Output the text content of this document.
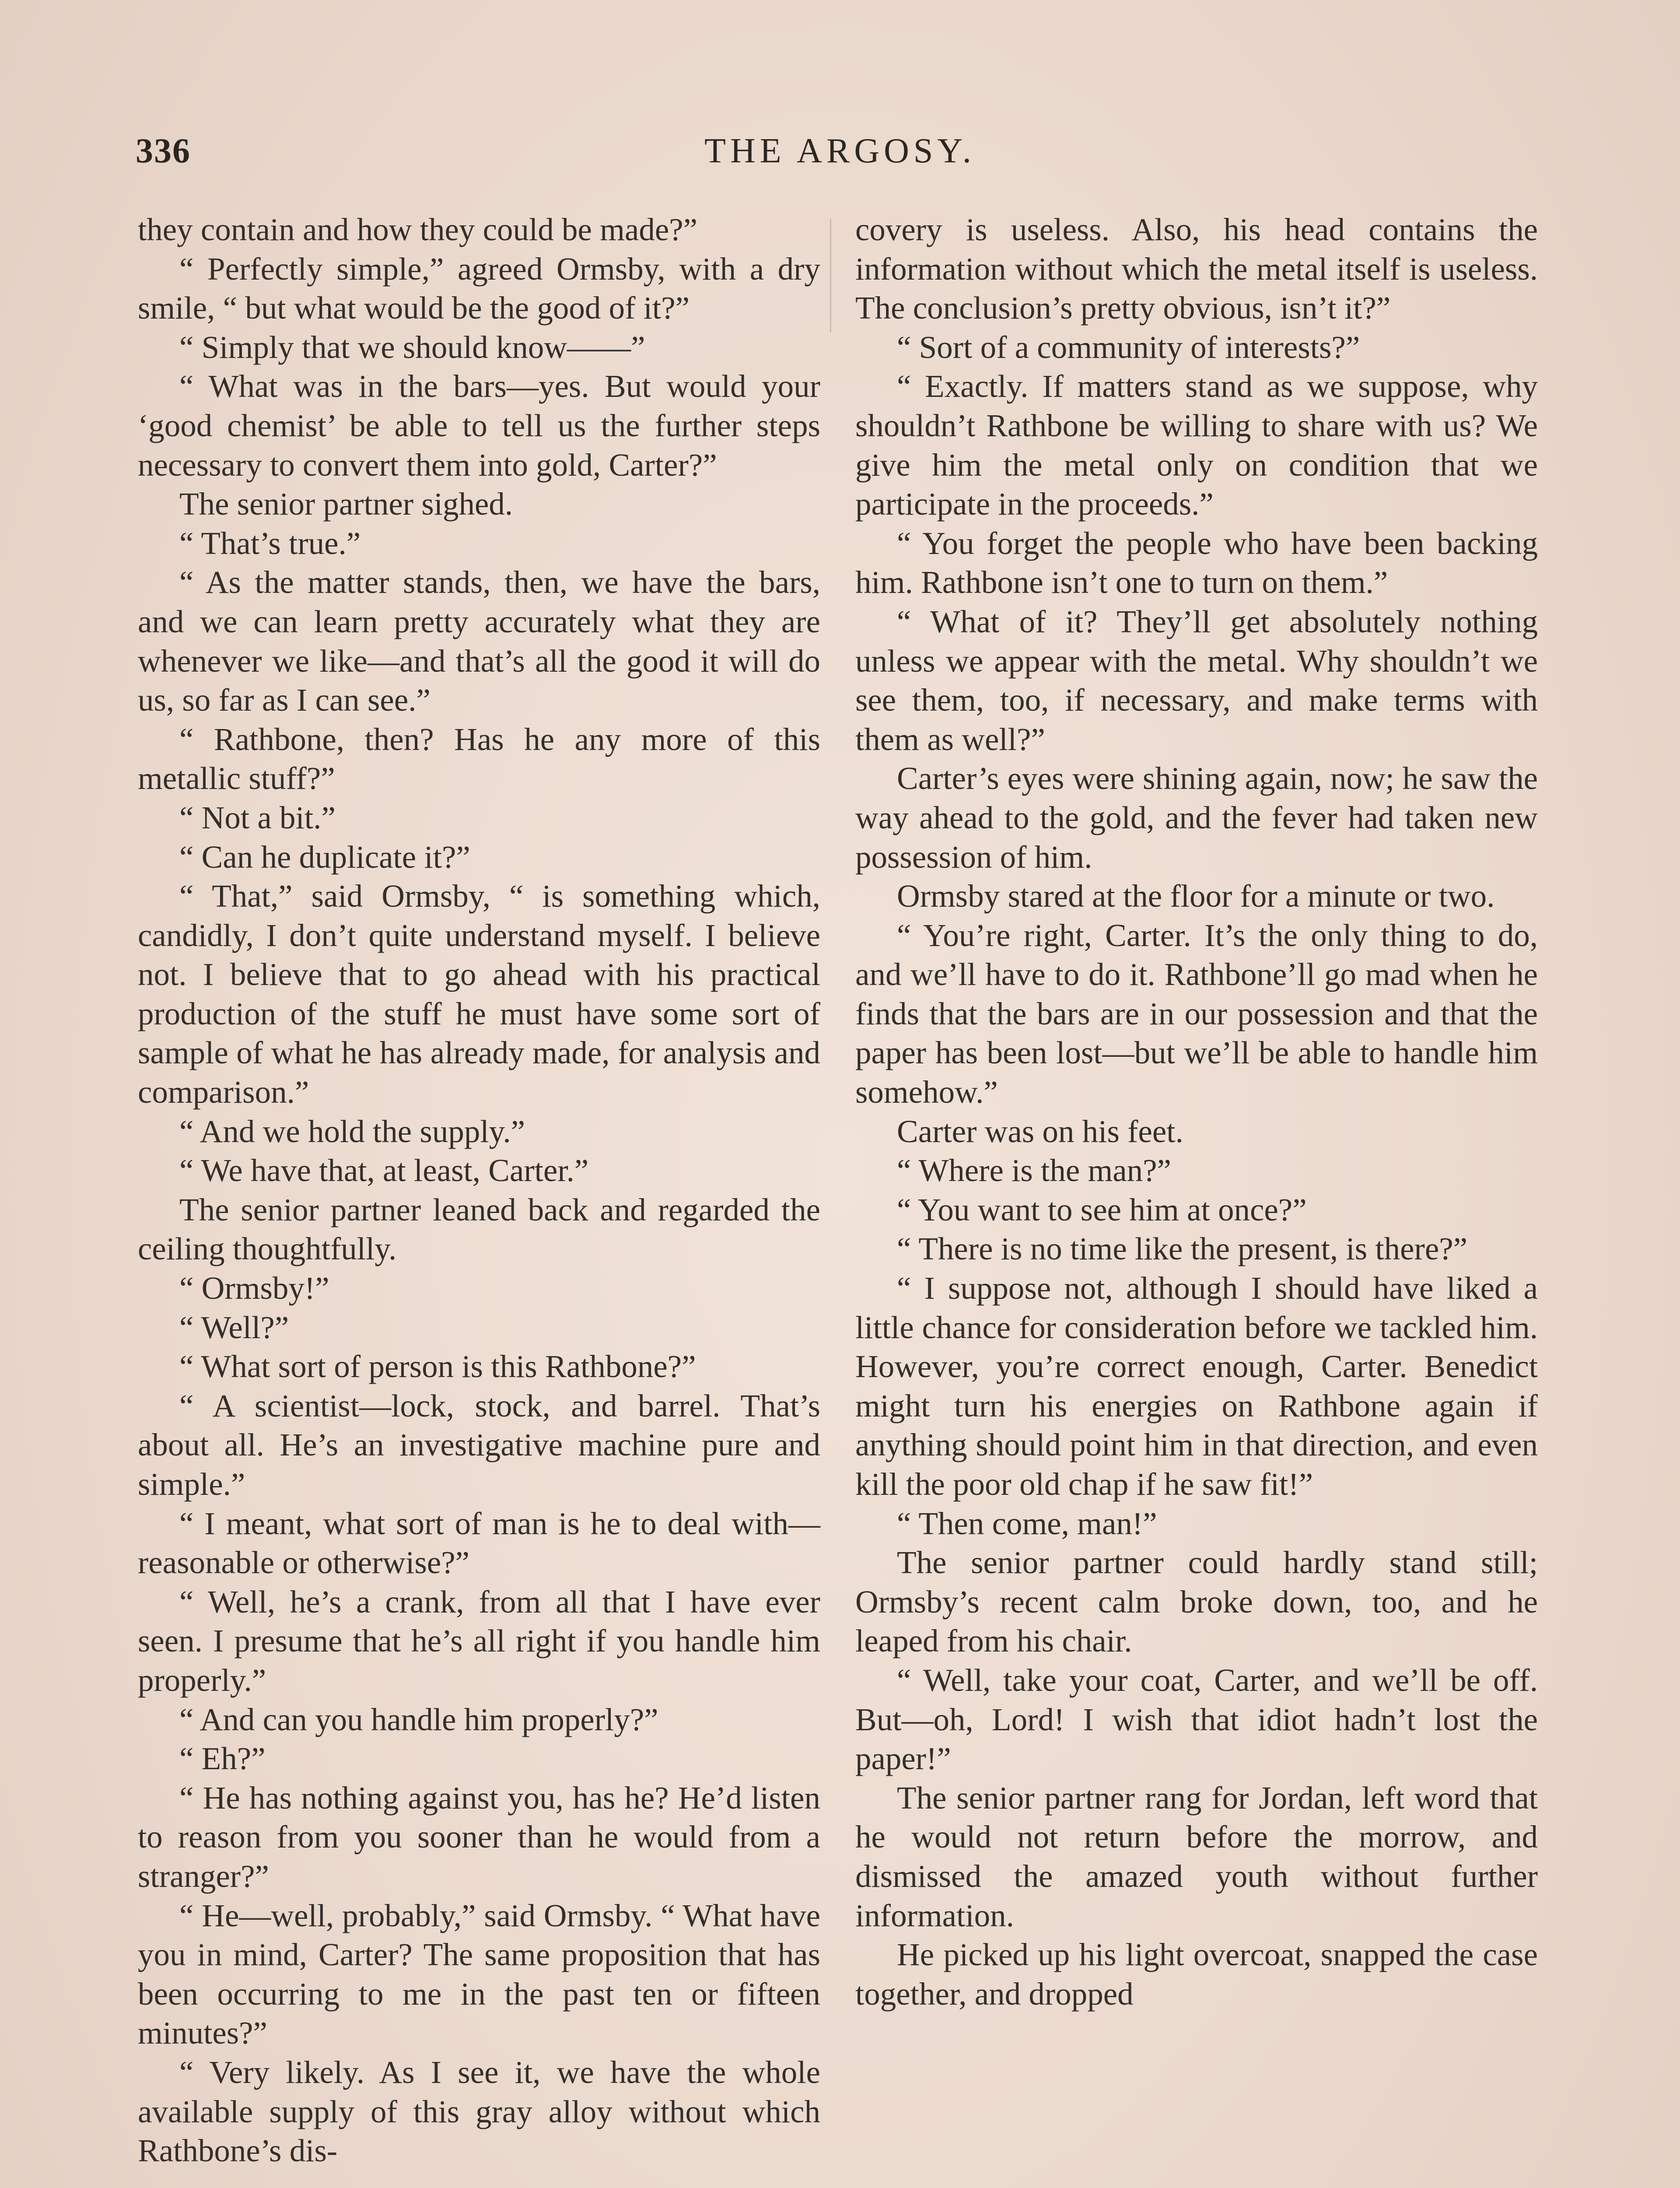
336	THE ARGOSY.

they contain and how they could be made?”

“ Perfectly simple,” agreed Ormsby, with a dry smile, “ but what would be the good of it?”

“ Simply that we should know——”

“ What was in the bars—yes. But would your ‘good chemist’ be able to tell us the further steps necessary to convert them into gold, Carter?”

The senior partner sighed.

“ That’s true.”

“ As the matter stands, then, we have the bars, and we can learn pretty accurately what they are whenever we like—and that’s all the good it will do us, so far as I can see.”

“ Rathbone, then? Has he any more of this metallic stuff?”

“ Not a bit.”

“ Can he duplicate it?”

“ That,” said Ormsby, “ is something which, candidly, I don’t quite understand myself. I believe not. I believe that to go ahead with his practical production of the stuff he must have some sort of sample of what he has already made, for analysis and comparison.”

“ And we hold the supply.”

“ We have that, at least, Carter.”

The senior partner leaned back and regarded the ceiling thoughtfully.

“ Ormsby!”

“ Well?”

“ What sort of person is this Rathbone?”

“ A scientist—lock, stock, and barrel. That’s about all. He’s an investigative machine pure and simple.”

“ I meant, what sort of man is he to deal with—reasonable or otherwise?”

“ Well, he’s a crank, from all that I have ever seen. I presume that he’s all right if you handle him properly.”

“ And can you handle him properly?”

“ Eh?”

“ He has nothing against you, has he? He’d listen to reason from you sooner than he would from a stranger?”

“ He—well, probably,” said Ormsby. “ What have you in mind, Carter? The same proposition that has been occurring to me in the past ten or fifteen minutes?”

“ Very likely. As I see it, we have the whole available supply of this gray alloy without which Rathbone’s dis-

covery is useless. Also, his head contains the information without which the metal itself is useless. The conclusion’s pretty obvious, isn’t it?”

“ Sort of a community of interests?”

“ Exactly. If matters stand as we suppose, why shouldn’t Rathbone be willing to share with us? We give him the metal only on condition that we participate in the proceeds.”

“ You forget the people who have been backing him. Rathbone isn’t one to turn on them.”

“ What of it? They’ll get absolutely nothing unless we appear with the metal. Why shouldn’t we see them, too, if necessary, and make terms with them as well?”

Carter’s eyes were shining again, now; he saw the way ahead to the gold, and the fever had taken new possession of him.

Ormsby stared at the floor for a minute or two.

“ You’re right, Carter. It’s the only thing to do, and we’ll have to do it. Rathbone’ll go mad when he finds that the bars are in our possession and that the paper has been lost—but we’ll be able to handle him somehow.”

Carter was on his feet.

“ Where is the man?”

“ You want to see him at once?”

“ There is no time like the present, is there?”

“ I suppose not, although I should have liked a little chance for consideration before we tackled him. However, you’re correct enough, Carter. Benedict might turn his energies on Rathbone again if anything should point him in that direction, and even kill the poor old chap if he saw fit!”

“ Then come, man!”

The senior partner could hardly stand still; Ormsby’s recent calm broke down, too, and he leaped from his chair.

“ Well, take your coat, Carter, and we’ll be off. But—oh, Lord! I wish that idiot hadn’t lost the paper!”

The senior partner rang for Jordan, left word that he would not return before the morrow, and dismissed the amazed youth without further information.

He picked up his light overcoat, snapped the case together, and dropped
